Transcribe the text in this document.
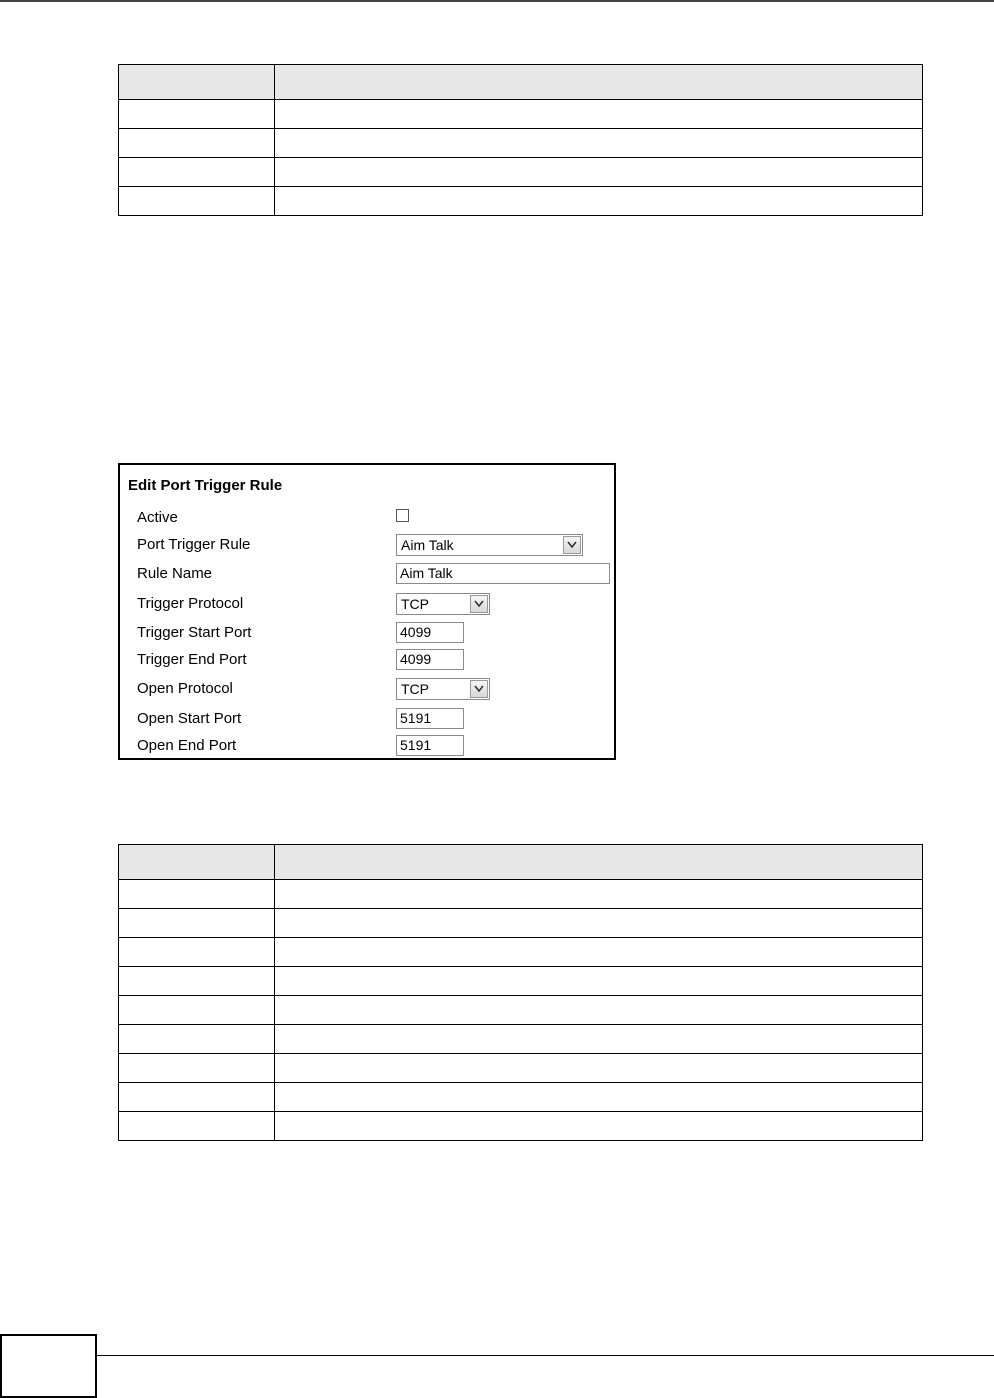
Edit Port Trigger Rule
Active
Port Trigger Rule	Aim Talk
Rule Name	Aim Talk
Trigger Protocol	TCP
Trigger Start Port	4099
Trigger End Port	4099
Open Protocol	TCP
Open Start Port	5191
Open End Port	5191
